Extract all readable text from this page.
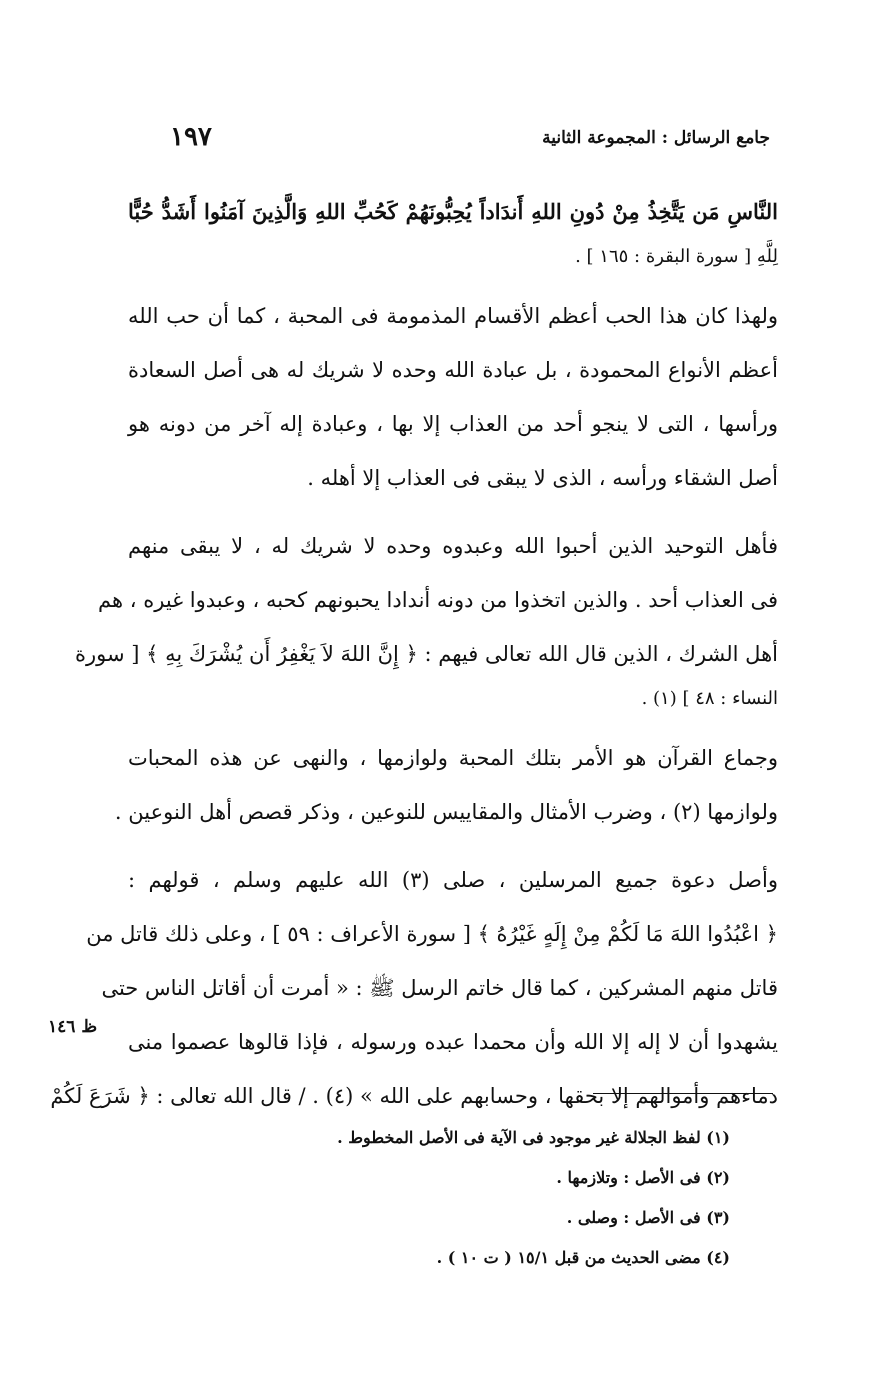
١٩٧	جامع الرسائل : المجموعة الثانية
النَّاسِ مَن يَتَّخِذُ مِنْ دُونِ اللهِ أَندَاداً يُحِبُّونَهُمْ كَحُبِّ اللهِ وَالَّذِينَ آمَنُوا أَشَدُّ حُبًّا
لِلَّهِ [ سورة البقرة : ١٦٥ ] .
ولهذا كان هذا الحب أعظم الأقسام المذمومة فى المحبة ، كما أن حب الله
أعظم الأنواع المحمودة ، بل عبادة الله وحده لا شريك له هى أصل السعادة
ورأسها ، التى لا ينجو أحد من العذاب إلا بها ، وعبادة إله آخر من دونه هو
أصل الشقاء ورأسه ، الذى لا يبقى فى العذاب إلا أهله .
فأهل التوحيد الذين أحبوا الله وعبدوه وحده لا شريك له ، لا يبقى منهم
فى العذاب أحد . والذين اتخذوا من دونه أندادا يحبونهم كحبه ، وعبدوا غيره ، هم
أهل الشرك ، الذين قال الله تعالى فيهم : ﴿ إِنَّ اللهَ لاَ يَغْفِرُ أَن يُشْرَكَ بِهِ ﴾ [ سورة
النساء : ٤٨ ] (١) .
وجماع القرآن هو الأمر بتلك المحبة ولوازمها ، والنهى عن هذه المحبات
ولوازمها (٢) ، وضرب الأمثال والمقاييس للنوعين ، وذكر قصص أهل النوعين .
وأصل دعوة جميع المرسلين ، صلى (٣) الله عليهم وسلم ، قولهم :
﴿ اعْبُدُوا اللهَ مَا لَكُمْ مِنْ إِلَهٍ غَيْرُهُ ﴾ [ سورة الأعراف : ٥٩ ] ، وعلى ذلك قاتل من
قاتل منهم المشركين ، كما قال خاتم الرسل ﷺ : « أمرت أن أقاتل الناس حتى
يشهدوا أن لا إله إلا الله وأن محمدا عبده ورسوله ، فإذا قالوها عصموا منى
دماءهم وأموالهم إلا بحقها ، وحسابهم على الله » (٤) . / قال الله تعالى : ﴿ شَرَعَ لَكُمْ
ظ ١٤٦
(١) لفظ الجلالة غير موجود فى الآية فى الأصل المخطوط .
(٢) فى الأصل : وتلازمها .
(٣) فى الأصل : وصلى .
(٤) مضى الحديث من قبل ١٥/١ ( ت ١٠ ) .
